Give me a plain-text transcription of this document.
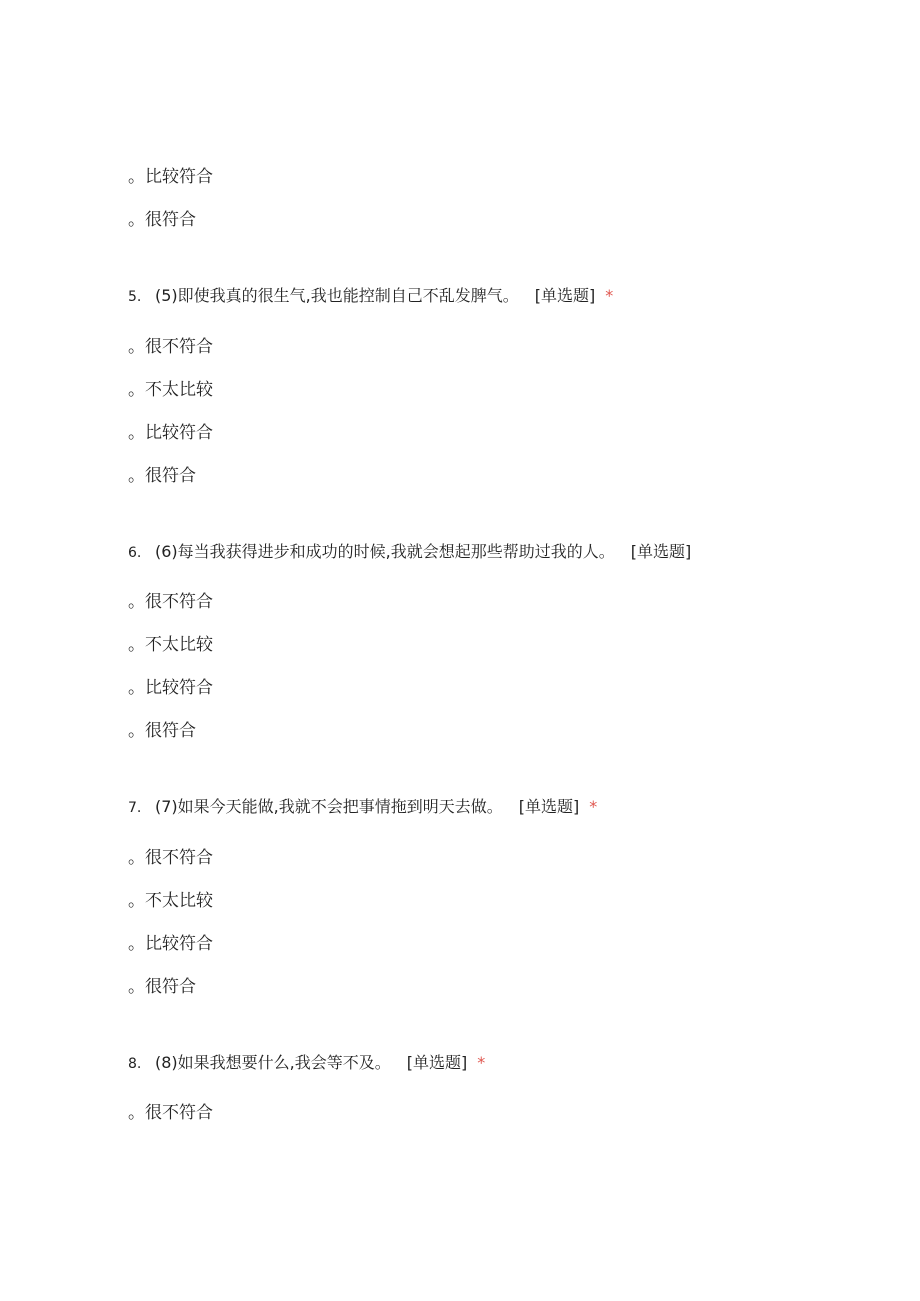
。比较符合
。很符合
5. (5)即使我真的很生气,我也能控制自己不乱发脾气。 [单选题] *
。很不符合
。不太比较
。比较符合
。很符合
6. (6)每当我获得进步和成功的时候,我就会想起那些帮助过我的人。 [单选题]
。很不符合
。不太比较
。比较符合
。很符合
7. (7)如果今天能做,我就不会把事情拖到明天去做。 [单选题] *
。很不符合
。不太比较
。比较符合
。很符合
8. (8)如果我想要什么,我会等不及。 [单选题] *
。很不符合
